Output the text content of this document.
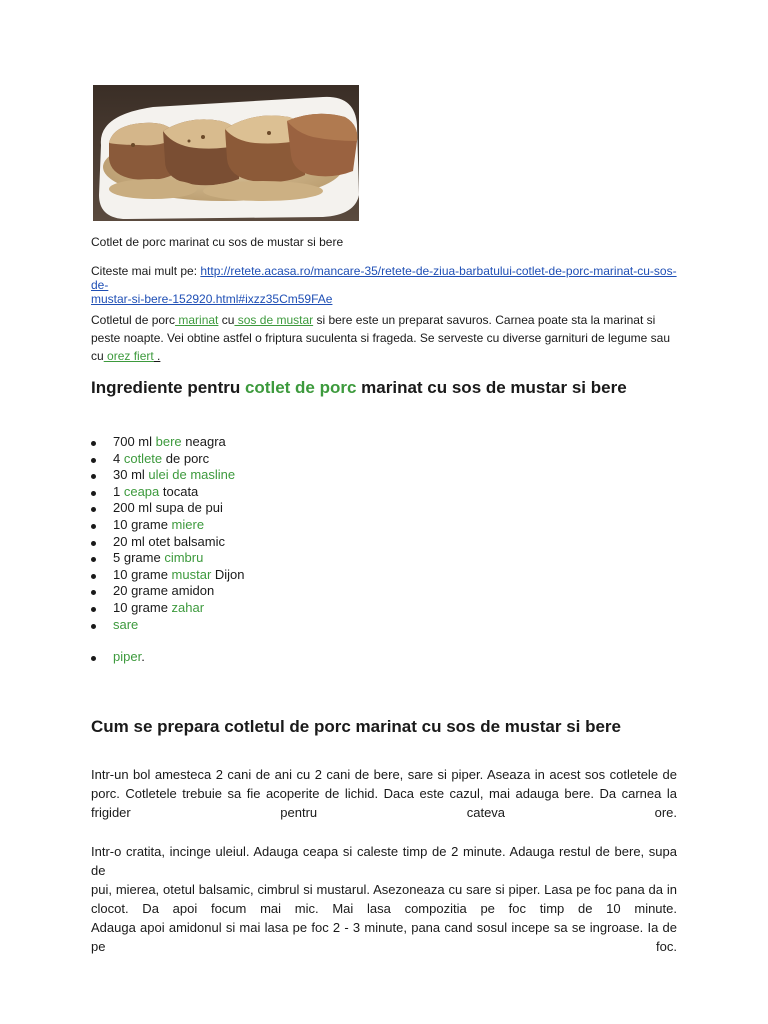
Cotlet de porc marinat cu sos de mustar si bere
Citeste mai mult pe: http://retete.acasa.ro/mancare-35/retete-de-ziua-barbatului-cotlet-de-porc-marinat-cu-sos-de-
mustar-si-bere-152920.html#ixzz35Cm59FAe
Cotletul de porc marinat cu sos de mustar si bere este un preparat savuros. Carnea poate sta la marinat si peste noapte. Vei obtine astfel o friptura suculenta si frageda. Se serveste cu diverse garnituri de legume sau cu orez fiert .
Ingrediente pentru cotlet de porc marinat cu sos de mustar si bere
700 ml bere neagra
4 cotlete de porc
30 ml ulei de masline
1 ceapa tocata
200 ml supa de pui
10 grame miere
20 ml otet balsamic
5 grame cimbru
10 grame mustar Dijon
20 grame amidon
10 grame zahar
sare
piper.
Cum se prepara cotletul de porc marinat cu sos de mustar si bere
Intr-un bol amesteca 2 cani de ani cu 2 cani de bere, sare si piper. Aseaza in acest sos cotletele de
porc. Cotletele trebuie sa fie acoperite de lichid. Daca este cazul, mai adauga bere. Da carnea la
frigider pentru cateva ore.
Intr-o cratita, incinge uleiul. Adauga ceapa si caleste timp de 2 minute. Adauga restul de bere, supa de
pui, mierea, otetul balsamic, cimbrul si mustarul. Asezoneaza cu sare si piper. Lasa pe foc pana da in
clocot. Da apoi focum mai mic. Mai lasa compozitia pe foc timp de 10 minute.
Adauga apoi amidonul si mai lasa pe foc 2 - 3 minute, pana cand sosul incepe sa se ingroase. Ia de
pe foc.
